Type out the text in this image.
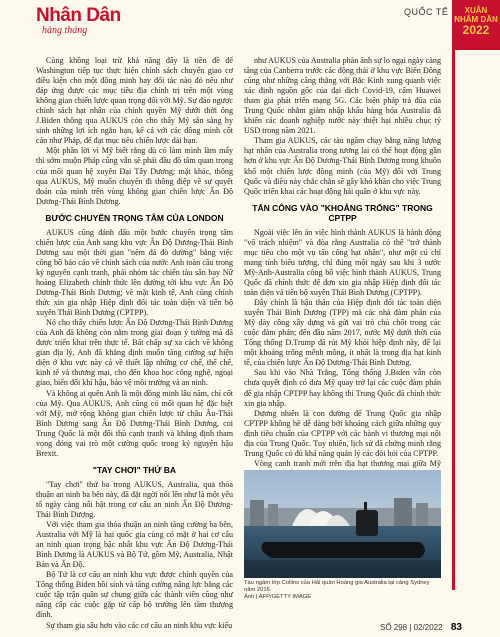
Nhân Dân
hàng tháng
QUỐC TẾ	XUÂN
NHÂM DẦN
2022

Cũng không loại trừ khả năng đây là tiền đề để Washington tiếp tục thực hiện chính sách chuyển giao cơ điều kiện cho một đồng minh hay đối tác nào đó nếu như đáp ứng được các mục tiêu địa chính trị trên một vùng không gian chiến lược quan trọng đối với Mỹ. Sự đảo ngược chính sách hạt nhân của chính quyền Mỹ dưới thời ông J.Biden thông qua AUKUS còn cho thấy Mỹ sẵn sàng hy sinh những lợi ích ngắn hạn, kể cả với các đồng minh cốt cán như Pháp, để đạt mục tiêu chiến lược dài hạn.

Một phần lời vì Mỹ biết rằng dù có làm mình làm mẩy thì sớm muộn Pháp cũng vẫn sẽ phải đầu đồ tâm quan trọng của mối quan hệ xuyên Đại Tây Dương; mặt khác, thông qua AUKUS, Mỹ muốn chuyển đi thông điệp về sự quyết đoán của mình trên vùng không gian chiến lược Ấn Độ Dương-Thái Bình Dương.

BƯỚC CHUYỂN TRỌNG TÂM CỦA LONDON

AUKUS cũng đánh dấu một bước chuyển trọng tâm chiến lược của Anh sang khu vực Ấn Độ Dương-Thái Bình Dương sau một thời gian "nêm đá đò dường" bằng việc công bố báo cáo về chính sách của nước Anh toàn cầu trong kỷ nguyên cạnh tranh, phái nhóm tác chiến tàu sân bay Nữ hoàng Elizabeth chính thức lên đường tới khu vực Ấn Độ Dương-Thái Bình Dương; về mặt kinh tế, Anh cũng chính thức xin gia nhập Hiệp định đối tác toàn diện và tiến bộ xuyên Thái Bình Dương (CPTPP).

Nó cho thấy chiến lược Ấn Độ Dương-Thái Bình Dương của Anh đã không còn nằm trong giai đoạn ý tưởng mà đã được triển khai trên thực tế. Bất chấp sự xa cách về không gian địa lý, Anh đã khẳng định muốn tăng cường sự hiện diện ở khu vực này cả về thiết lập những cơ chế, thể chế, kinh tế và thương mại, cho đến khoa học công nghệ, ngoại giao, biển đối khí hậu, bảo vệ môi trường và an ninh.

Và không ai quên Anh là một đồng minh lâu năm, chí cốt của Mỹ. Qua AUKUS, Anh cũng có mối quan hệ đặc biệt với Mỹ, mở rộng không gian chiến lược từ châu Âu-Thái Bình Dương sang Ấn Độ Dương-Thái Bình Dương, coi Trung Quốc là một đối thủ cạnh tranh và khẳng định tham vọng đóng vai trò một cường quốc trong kỷ nguyên hậu Brexit.

"TAY CHƠI" THỨ BA

"Tay chơi" thứ ba trong AUKUS, Australia, qua thỏa thuận an ninh ba bên này, đã đặt ngời nổi lên như là một yếu tố ngày càng nổi bật trong cơ cấu an ninh Ấn Độ Dương-Thái Bình Dương.

Với việc tham gia thỏa thuận an ninh tăng cường ba bên, Australia với Mỹ là hai quốc gia cùng có mặt ở hai cơ cấu an ninh quan trọng bậc nhất khu vực Ấn Độ Dương-Thái Bình Dương là AUKUS và Bộ Tứ, gồm Mỹ, Australia, Nhật Bản và Ấn Độ.

Bộ Tứ là cơ cấu an ninh khu vực được chính quyền của Tổng thống Biden hồi sinh và tăng cường năng lực bằng các cuộc tập trận quân sự chung giữa các thành viên cũng như nâng cấp các cuộc gặp từ cấp bộ trưởng lên tầm thượng đỉnh.

Sự tham gia sâu hơn vào các cơ cấu an ninh khu vực kiểu

như AUKUS của Australia phản ánh sự lo ngại ngày càng tăng của Canberra trước các động thái ở khu vực Biển Đông cũng như những căng thẳng với Bắc Kinh xung quanh việc xác định nguồn gốc của đại dịch Covid-19, cấm Huawei tham gia phát triển mạng 5G. Các biện pháp trả đũa của Trung Quốc nhằm giảm nhập khẩu hàng hóa Australia đã khiến các doanh nghiệp nước này thiệt hại nhiều chục tỷ USD trong năm 2021.

Tham gia AUKUS, các tàu ngầm chạy bằng năng lượng hạt nhân của Australia trong tương lai có thể hoạt động gần hơn ở khu vực Ấn Độ Dương-Thái Bình Dương trong khuôn khổ một chiến lược đồng minh (của Mỹ) đối với Trung Quốc và điều này chắc chắn sẽ gây khó khăn cho việc Trung Quốc triển khai các hoạt động hải quân ở khu vực này.

TẤN CÔNG VÀO "KHOẢNG TRỐNG" TRONG CPTPP

Ngoài việc lên án việc hình thành AUKUS là hành động "vô trách nhiệm" và đòa rằng Australia có thể "trở thành mục tiêu cho một vụ tấn công hạt nhân", như một cú chỉ mang tính biểu tượng, chỉ đúng một ngày sau khi 3 nước Mỹ-Anh-Australia công bố việc hình thành AUKUS, Trung Quốc đã chính thức đệ đơn xin gia nhập Hiệp định đối tác toàn diện và tiến bộ xuyên Thái Bình Dương (CPTPP).

Đây chính là hậu thân của Hiệp định đối tác toàn diện xuyên Thái Bình Dương (TPP) mà các nhà đàm phán của Mỹ dày công xây dựng và gửi vai trò chủ chốt trong các cuộc đàm phán; đến đầu năm 2017, nước Mỹ dưới thời của Tổng thống D.Trump đã rút Mỹ khỏi hiệp định này, để lại một khoảng trống mênh mông, ít nhất là trong địa hạt kinh tế, của chiến lược Ấn Độ Dương-Thái Bình Dương.

Sau khi vào Nhà Trắng, Tổng thống J.Biden vẫn còn chưa quyết định có đưa Mỹ quay trở lại các cuộc đàm phán để gia nhập CPTPP hay không thì Trung Quốc đã chính thức xin gia nhập.

Dương nhiên là con đường để Trung Quốc gia nhập CPTPP không hề dễ dàng bởi khoảng cách giữa những quy định tiêu chuẩn của CPTPP với các hành vi thương mại nội địa của Trung Quốc. Tuy nhiên, lịch sử đã chứng minh rằng Trung Quốc có đủ khả năng quản lý các đòi hỏi của CPTPP.

Vòng canh tranh mới trên địa hạt thương mại giữa Mỹ

Tàu ngầm lớp Collins của Hải quân Hoàng gia Australia tại cảng Sydney năm 2016.
Ảnh | AFP/GETTY IMAGE
SỐ 298 | 02/2022 83
